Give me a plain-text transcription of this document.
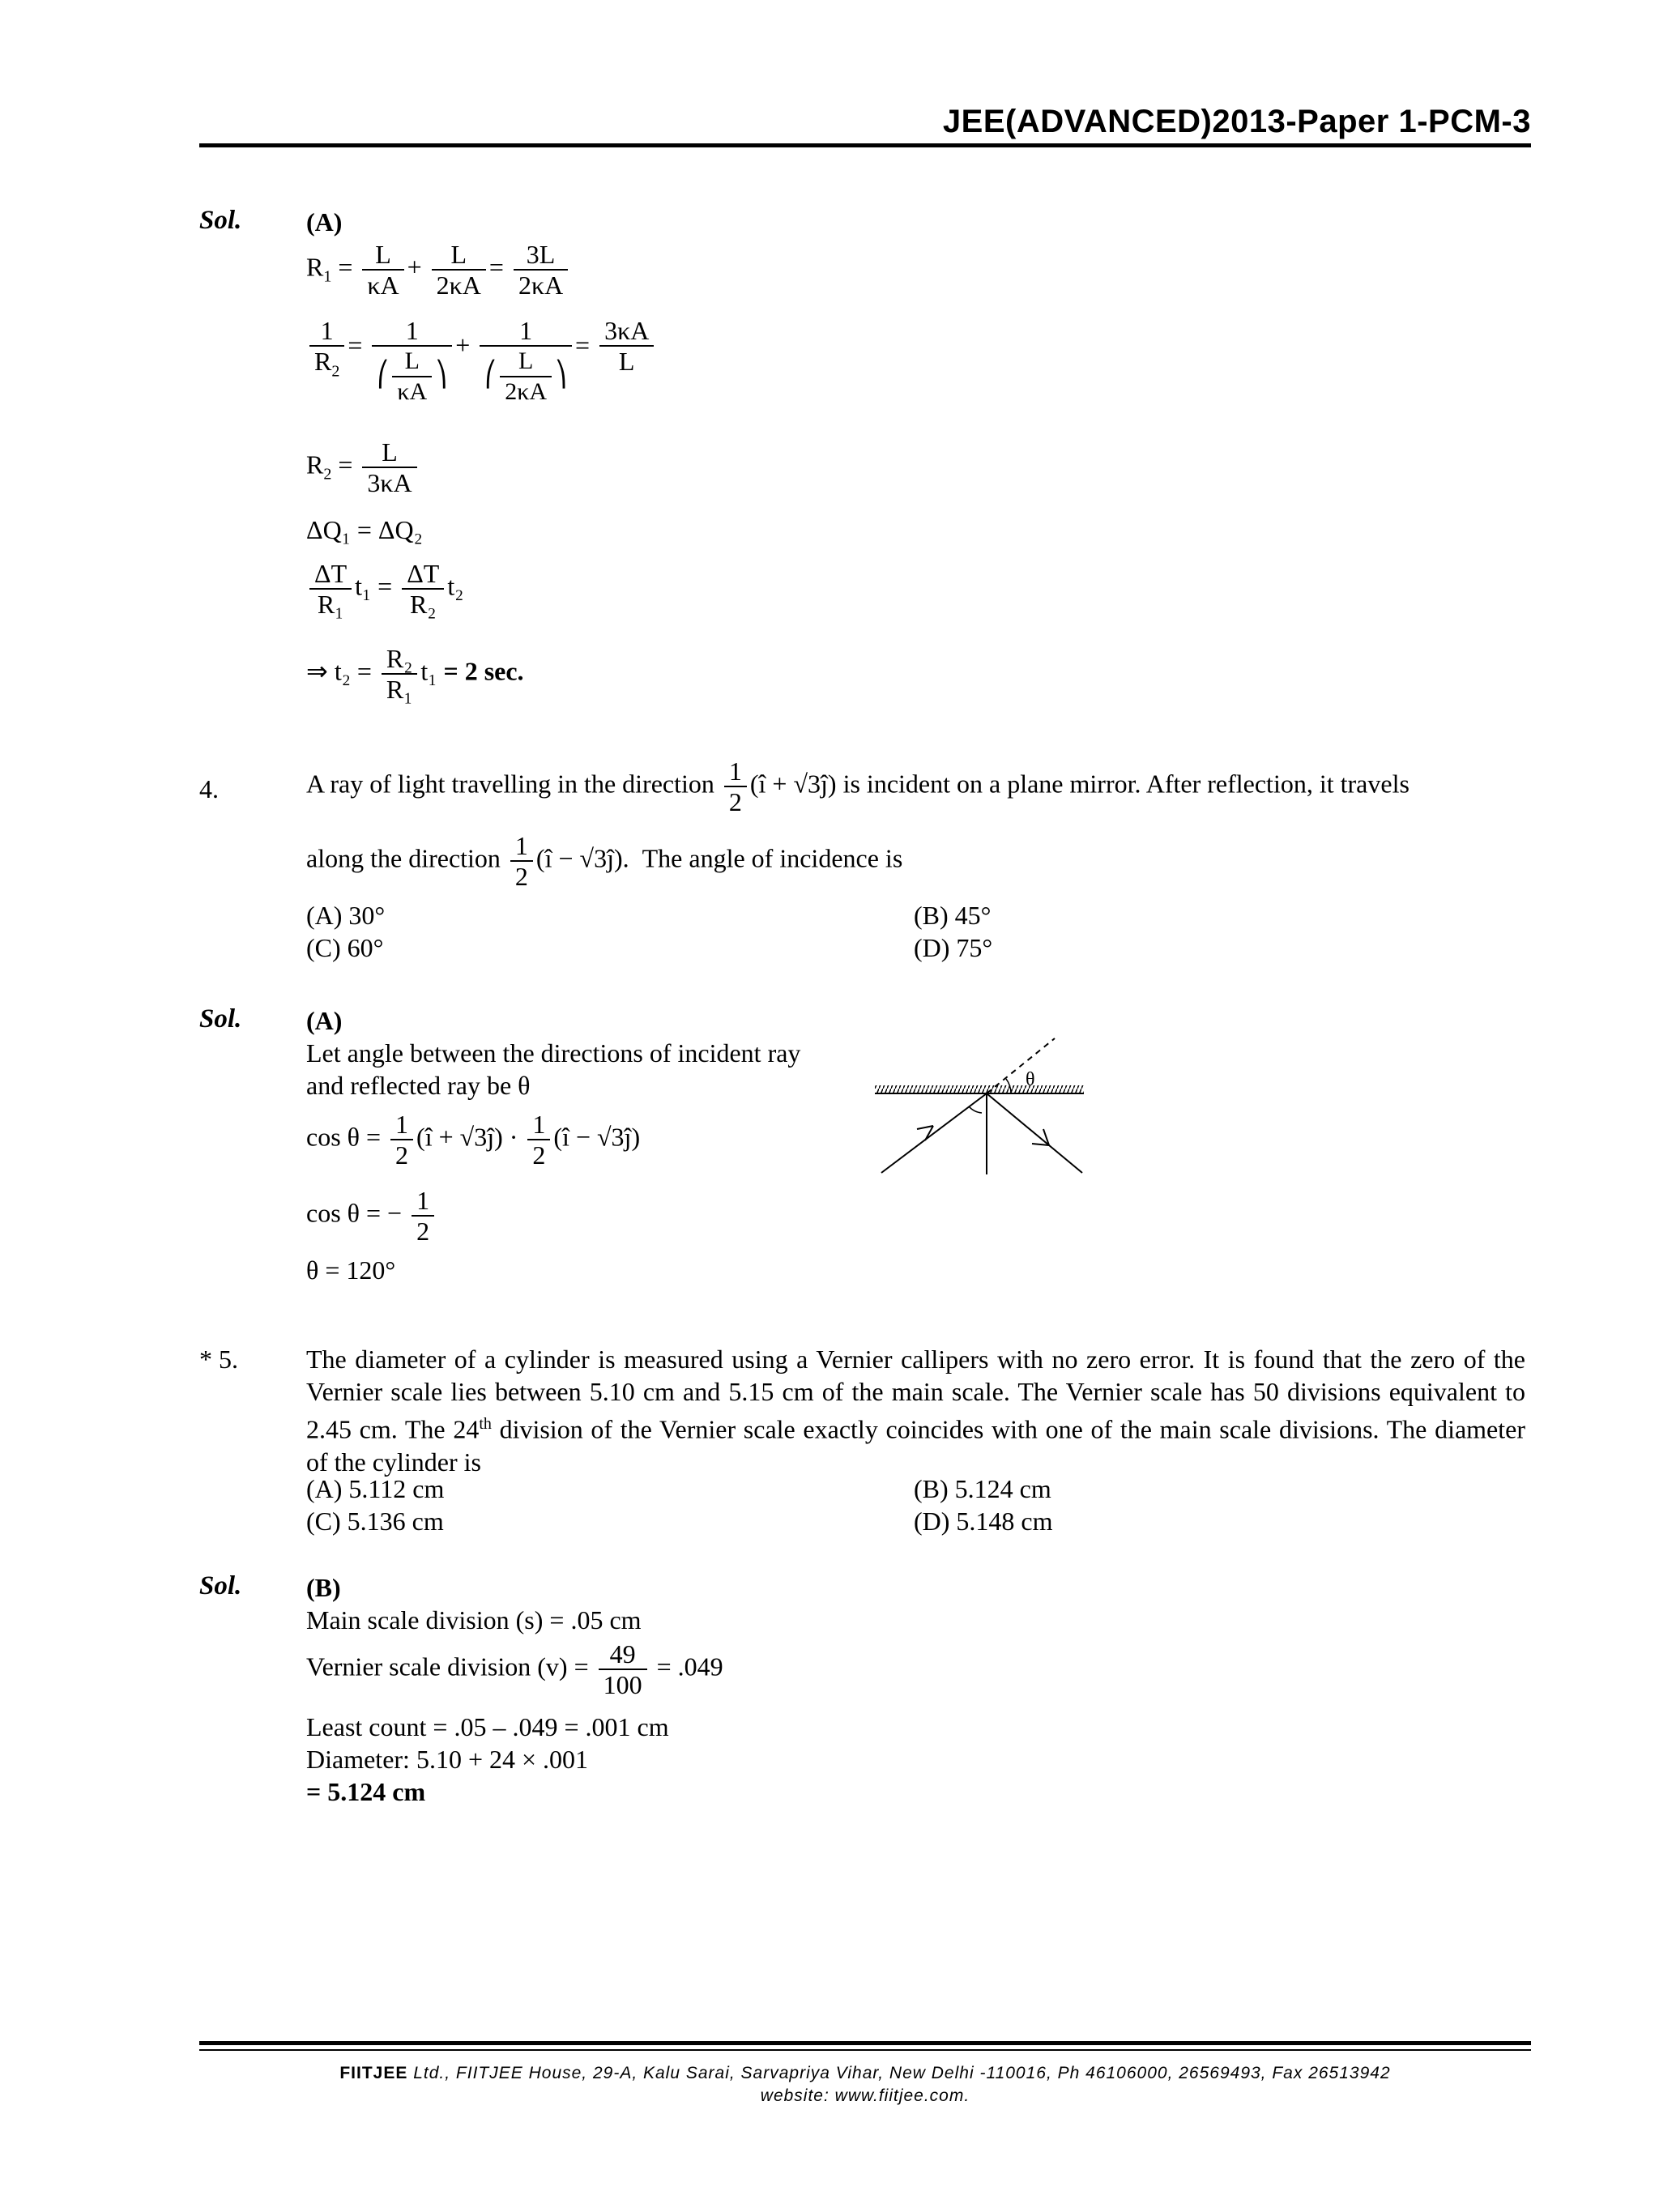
JEE(ADVANCED)2013-Paper 1-PCM-3
Sol. (A)
$R_1 = \frac{L}{\kappa A} + \frac{L}{2\kappa A} = \frac{3L}{2\kappa A}$
$\frac{1}{R_2} = \frac{1}{⎛ \frac{L}{\kappa A} ⎞} + \frac{1}{⎛ \frac{L}{2\kappa A} ⎞} = \frac{3\kappa A}{L}$
$R_2 = \frac{L}{3\kappa A}$
ΔQ₁ = ΔQ₂
$\frac{\Delta T}{\text{R₁}} t_1 = \frac{\Delta T}{\text{R₂}} t_2$
⇒ $t_2 = \frac{\text{R₂}}{\text{R₁}} t_1 = 2$ sec.
4.	A ray of light travelling in the direction $\frac{1}{2}$ (î + √3ĵ) is incident on a plane mirror. After reflection, it travels
along the direction $\frac{1}{2}$ (î − √3ĵ). The angle of incidence is
(A) 30°	(B) 45°
(C) 60°	(D) 75°
Sol. (A)
Let angle between the directions of incident ray
and reflected ray be θ
$\cos \theta = \frac{1}{2}$ (î + √3ĵ) · $\frac{1}{2}$ (î − √3ĵ)
cos θ = − $\frac{1}{2}$
θ = 120°
θ
* 5.	The diameter of a cylinder is measured using a Vernier callipers with no zero error. It is found that the zero of the Vernier scale lies between 5.10 cm and 5.15 cm of the main scale. The Vernier scale has 50 divisions equivalent to 2.45 cm. The 24th division of the Vernier scale exactly coincides with one of the main scale divisions. The diameter of the cylinder is
(A) 5.112 cm	(B) 5.124 cm
(C) 5.136 cm	(D) 5.148 cm
Sol. (B)
Main scale division (s) = .05 cm
Vernier scale division $(v) = \frac{49}{100} = .049$
Least count = .05 – .049 = .001 cm
Diameter: 5.10 + 24 × .001
= 5.124 cm
FIITJEE Ltd., FIITJEE House, 29-A, Kalu Sarai, Sarvapriya Vihar, New Delhi -110016, Ph 46106000, 26569493, Fax 26513942
website: www.fiitjee.com.
